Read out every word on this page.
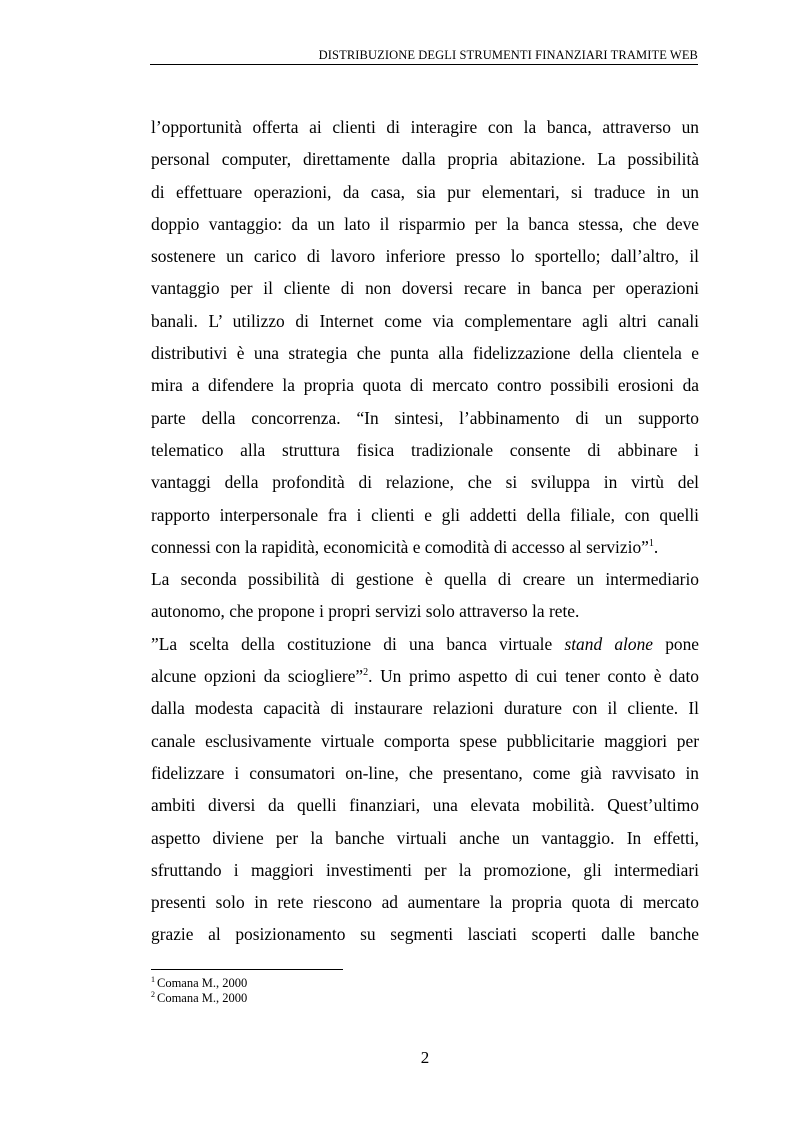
DISTRIBUZIONE DEGLI STRUMENTI FINANZIARI TRAMITE WEB
l’opportunità offerta ai clienti di interagire con la banca, attraverso un
personal computer, direttamente dalla propria abitazione. La possibilità
di effettuare operazioni, da casa, sia pur elementari, si traduce in un
doppio vantaggio: da un lato il risparmio per la banca stessa, che deve
sostenere un carico di lavoro inferiore presso lo sportello; dall’altro, il
vantaggio per il cliente di non doversi recare in banca per operazioni
banali. L’ utilizzo di Internet come via complementare agli altri canali
distributivi è una strategia che punta alla fidelizzazione della clientela e
mira a difendere la propria quota di mercato contro possibili erosioni da
parte della concorrenza. “In sintesi, l’abbinamento di un supporto
telematico alla struttura fisica tradizionale consente di abbinare i
vantaggi della profondità di relazione, che si sviluppa in virtù del
rapporto interpersonale fra i clienti e gli addetti della filiale, con quelli
connessi con la rapidità, economicità e comodità di accesso al servizio”$^1$.
La seconda possibilità di gestione è quella di creare un intermediario
autonomo, che propone i propri servizi solo attraverso la rete.
”La scelta della costituzione di una banca virtuale stand alone pone
alcune opzioni da sciogliere”$^2$. Un primo aspetto di cui tener conto è dato
dalla modesta capacità di instaurare relazioni durature con il cliente. Il
canale esclusivamente virtuale comporta spese pubblicitarie maggiori per
fidelizzare i consumatori on-line, che presentano, come già ravvisato in
ambiti diversi da quelli finanziari, una elevata mobilità. Quest’ultimo
aspetto diviene per la banche virtuali anche un vantaggio. In effetti,
sfruttando i maggiori investimenti per la promozione, gli intermediari
presenti solo in rete riescono ad aumentare la propria quota di mercato
grazie al posizionamento su segmenti lasciati scoperti dalle banche
$^1$ Comana M., 2000
$^2$ Comana M., 2000
2
